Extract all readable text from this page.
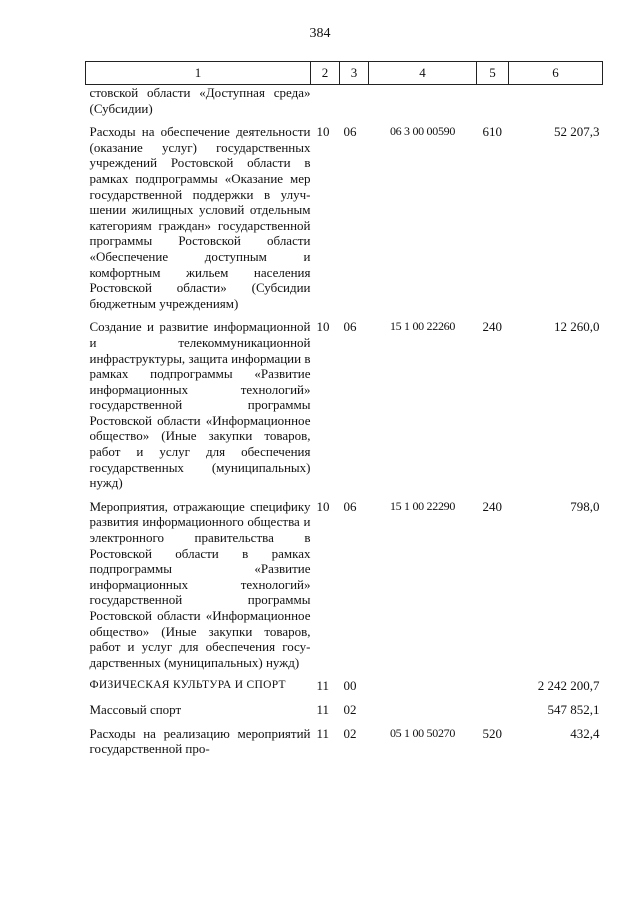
384
1	2	3	4	5	6
стовской области «Доступная среда» (Субсидии)					
Расходы на обеспечение деятельности (оказание услуг) государственных учреждений Ростовской области в рамках подпрограммы «Оказание мер государственной поддержки в улучшении жилищных условий отдельным категориям граждан» государственной программы Ростовской области «Обеспечение доступным и комфортным жильем населения Ростовской области» (Субсидии бюджетным учреждениям)	10	06	06 3 00 00590	610	52 207,3
Создание и развитие информационной и телекоммуникационной инфраструктуры, защита информации в рамках подпрограммы «Развитие информационных технологий» государственной программы Ростовской области «Информационное общество» (Иные закупки товаров, работ и услуг для обеспечения государственных (муниципальных) нужд)	10	06	15 1 00 22260	240	12 260,0
Мероприятия, отражающие специфику развития информационного общества и электронного правительства в Ростовской области в рамках подпрограммы «Развитие информационных технологий» государственной программы Ростовской области «Информационное общество» (Иные закупки товаров, работ и услуг для обеспечения государственных (муниципальных) нужд)	10	06	15 1 00 22290	240	798,0
ФИЗИЧЕСКАЯ КУЛЬТУРА И СПОРТ	11	00			2 242 200,7
Массовый спорт	11	02			547 852,1
Расходы на реализацию мероприятий государственной про-	11	02	05 1 00 50270	520	432,4
